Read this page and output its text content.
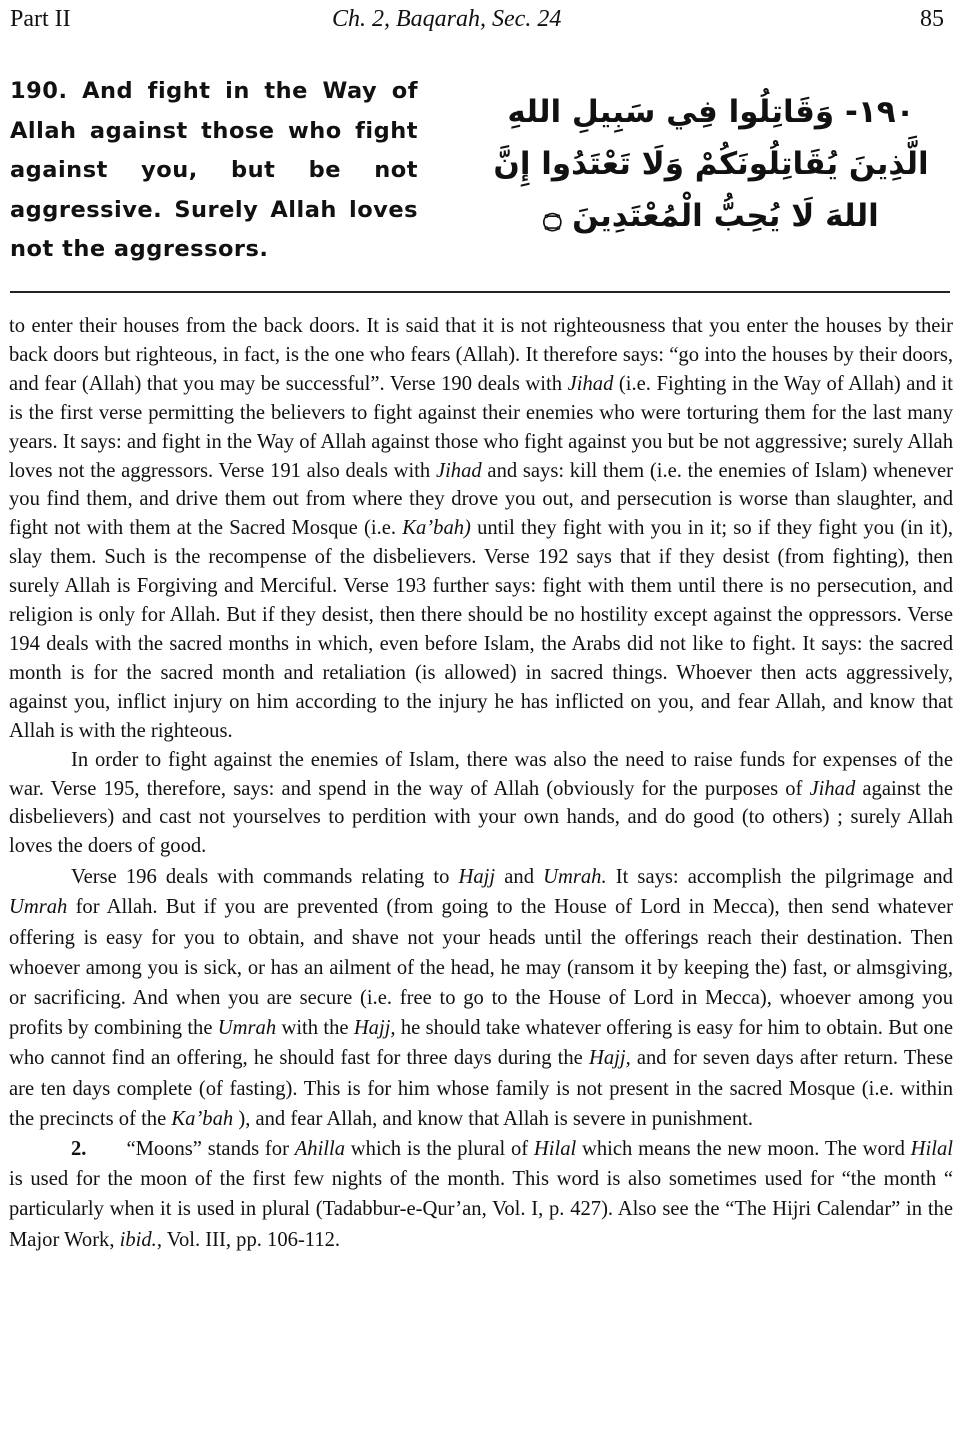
Part II	Ch. 2, Baqarah, Sec. 24	85
190. And fight in the Way of Allah against those who fight against you, but be not aggressive. Surely Allah loves not the aggressors.
١٩٠- وَقَاتِلُوا فِي سَبِيلِ اللهِ الَّذِينَ يُقَاتِلُونَكُمْ وَلَا تَعْتَدُوا إِنَّ اللهَ لَا يُحِبُّ الْمُعْتَدِينَ ۝

to enter their houses from the back doors. It is said that it is not righteousness that you enter the houses by their back doors but righteous, in fact, is the one who fears (Allah). It therefore says: “go into the houses by their doors, and fear (Allah) that you may be successful”. Verse 190 deals with Jihad (i.e. Fighting in the Way of Allah) and it is the first verse permitting the believers to fight against their enemies who were torturing them for the last many years. It says: and fight in the Way of Allah against those who fight against you but be not aggressive; surely Allah loves not the aggressors. Verse 191 also deals with Jihad and says: kill them (i.e. the enemies of Islam) whenever you find them, and drive them out from where they drove you out, and persecution is worse than slaughter, and fight not with them at the Sacred Mosque (i.e. Ka’bah) until they fight with you in it; so if they fight you (in it), slay them. Such is the recompense of the disbelievers. Verse 192 says that if they desist (from fighting), then surely Allah is Forgiving and Merciful. Verse 193 further says: fight with them until there is no persecution, and religion is only for Allah. But if they desist, then there should be no hostility except against the oppressors. Verse 194 deals with the sacred months in which, even before Islam, the Arabs did not like to fight. It says: the sacred month is for the sacred month and retaliation (is allowed) in sacred things. Whoever then acts aggressively, against you, inflict injury on him according to the injury he has inflicted on you, and fear Allah, and know that Allah is with the righteous.

In order to fight against the enemies of Islam, there was also the need to raise funds for expenses of the war. Verse 195, therefore, says: and spend in the way of Allah (obviously for the purposes of Jihad against the disbelievers) and cast not yourselves to perdition with your own hands, and do good (to others) ; surely Allah loves the doers of good.

Verse 196 deals with commands relating to Hajj and Umrah. It says: accomplish the pilgrimage and Umrah for Allah. But if you are prevented (from going to the House of Lord in Mecca), then send whatever offering is easy for you to obtain, and shave not your heads until the offerings reach their destination. Then whoever among you is sick, or has an ailment of the head, he may (ransom it by keeping the) fast, or almsgiving, or sacrificing. And when you are secure (i.e. free to go to the House of Lord in Mecca), whoever among you profits by combining the Umrah with the Hajj, he should take whatever offering is easy for him to obtain. But one who cannot find an offering, he should fast for three days during the Hajj, and for seven days after return. These are ten days complete (of fasting). This is for him whose family is not present in the sacred Mosque (i.e. within the precincts of the Ka’bah ), and fear Allah, and know that Allah is severe in punishment.

2. “Moons” stands for Ahilla which is the plural of Hilal which means the new moon. The word Hilal is used for the moon of the first few nights of the month. This word is also sometimes used for “the month “ particularly when it is used in plural (Tadabbur-e-Qur’an, Vol. I, p. 427). Also see the “The Hijri Calendar” in the Major Work, ibid., Vol. III, pp. 106-112.
